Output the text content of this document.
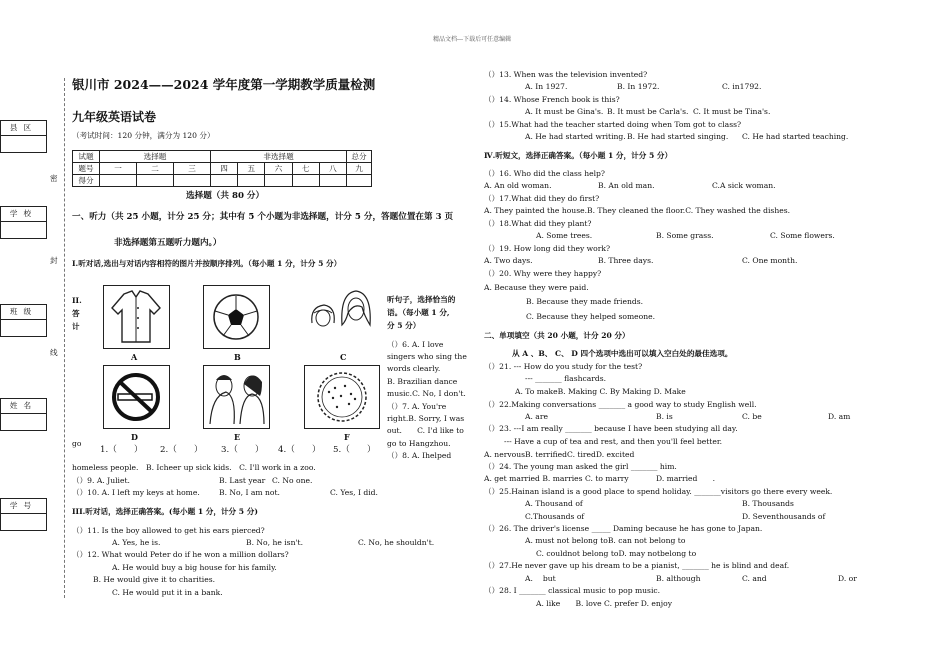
精品文档---下载后可任意编辑
县区
学校
班级
姓名
学号
密
封
线
银川市 2024——2024 学年度第一学期教学质量检测
九年级英语试卷
（考试时间：120 分钟，满分为 120 分）
试题	选择题			非选择题					总分
题号	一	二	三	四	五	六	七	八	九
得分									
选择题（共 80 分）
一、听力（共 25 小题，计分 25 分；其中有 5 个小题为非选择题，计分 5 分，答题位置在第 3 页
非选择题第五题听力题内。）
I.听对话,选出与对话内容相符的图片并按顺序排列。（每小题 1 分，计分 5 分）
II.
答
计
A	B	C
D	E	F
1.（　　） 2.（　　） 3.（　　） 4.（　　） 5.（　　）
听句子，选择恰当的
语。（每小题 1 分,
分 5 分）
（）6. A. I love
singers who sing the
words clearly.
B. Brazilian dance
music.C. No, I don't.
（）7. A. You're
right.B. Sorry, I was
out.　　C. I'd like to
go to Hangzhou.
（）8. A. Ihelped
go
homeless people.　B. Icheer up sick kids.　C. I'll work in a zoo.
（）9. A. Juliet.	B. Last year C. No one.
（）10. A. I left my keys at home.	B. No, I am not.	C. Yes, I did.
III.听对话，选择正确答案。(每小题 1 分，计分 5 分)
（）11. Is the boy allowed to get his ears pierced?
A. Yes, he is.	B. No, he isn't.	C. No, he shouldn't.
（）12. What would Peter do if he won a million dollars?
A. He would buy a big house for his family.
B. He would give it to charities.
C. He would put it in a bank.
（）13. When was the television invented?
A. In 1927.	B. In 1972.	C. in1792.
（）14. Whose French book is this?
A. It must be Gina's. B. It must be Carla's. C. It must be Tina's.
（）15.What had the teacher started doing when Tom got to class?
A. He had started writing. B. He had started singing. C. He had started teaching.
Ⅳ.听短文，选择正确答案。（每小题 1 分，计分 5 分）
（）16. Who did the class help?
A. An old woman.	B. An old man.	C.A sick woman.
（）17.What did they do first?
A. They painted the house.B. They cleaned the floor.C. They washed the dishes.
（）18.What did they plant?
A. Some trees.	B. Some grass.	C. Some flowers.
（）19. How long did they work?
A. Two days.	B. Three days.	C. One month.
（）20. Why were they happy?
A. Because they were paid.
B. Because they made friends.
C. Because they helped someone.
二、单项填空（共 20 小题，计分 20 分）
从 A 、B、 C、 D 四个选项中选出可以填入空白处的最佳选项。
（）21. --- How do you study for the test?
--- _______ flashcards.
A. To makeB. Making C. By Making D. Make
（）22.Making conversations _______ a good way to study English well.
A. are	B. is	C. be	D. am
（）23. ---I am really _______ because I have been studying all day.
--- Have a cup of tea and rest, and then you'll feel better.
A. nervousB. terrifiedC. tiredD. excited
（）24. The young man asked the girl _______ him.
A. get married B. marries C. to marry	D. married　　.
（）25.Hainan island is a good place to spend holiday. _______visitors go there every week.
A. Thousand of	B. Thousands
C.Thousands of	D. Seventhousands of
（）26. The driver's license _____ Daming because he has gone to Japan.
A. must not belong toB. can not belong to
C. couldnot belong toD. may notbelong to
（）27.He never gave up his dream to be a pianist, _______ he is blind and deaf.
A.　 but	B. although	C. and	D. or
（）28. I _______ classical music to pop music.
A. like　　B. love C. prefer D. enjoy
